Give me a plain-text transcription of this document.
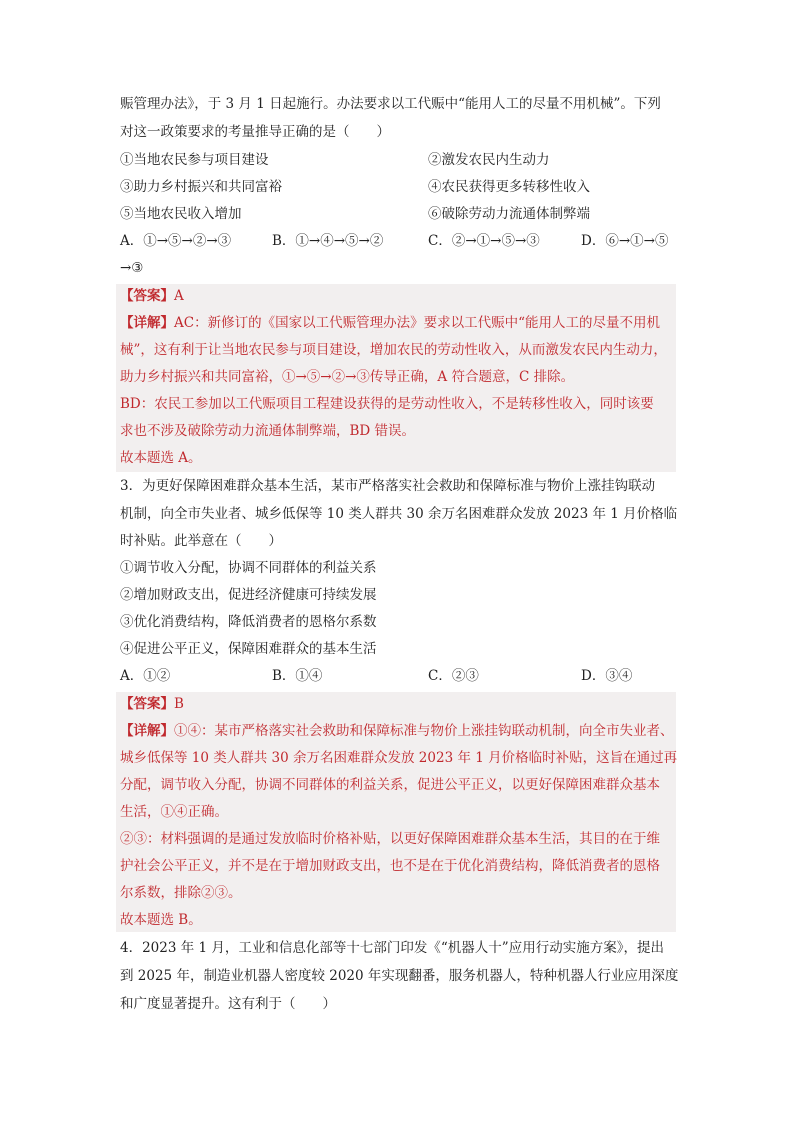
赈管理办法》，于 3 月 1 日起施行。办法要求以工代赈中“能用人工的尽量不用机械”。下列
对这一政策要求的考量推导正确的是（　　）
①当地农民参与项目建设	②激发农民内生动力
③助力乡村振兴和共同富裕	④农民获得更多转移性收入
⑤当地农民收入增加	⑥破除劳动力流通体制弊端
A．①→⑤→②→③	B．①→④→⑤→②	C．②→①→⑤→③	D．⑥→①→⑤
→③
【答案】A
【详解】AC：新修订的《国家以工代赈管理办法》要求以工代赈中“能用人工的尽量不用机
械”，这有利于让当地农民参与项目建设，增加农民的劳动性收入，从而激发农民内生动力，
助力乡村振兴和共同富裕，①→⑤→②→③传导正确，A 符合题意，C 排除。
BD：农民工参加以工代赈项目工程建设获得的是劳动性收入，不是转移性收入，同时该要
求也不涉及破除劳动力流通体制弊端，BD 错误。
故本题选 A。
3．为更好保障困难群众基本生活，某市严格落实社会救助和保障标准与物价上涨挂钩联动
机制，向全市失业者、城乡低保等 10 类人群共 30 余万名困难群众发放 2023 年 1 月价格临
时补贴。此举意在（　　）
①调节收入分配，协调不同群体的利益关系
②增加财政支出，促进经济健康可持续发展
③优化消费结构，降低消费者的恩格尔系数
④促进公平正义，保障困难群众的基本生活
A．①②	B．①④	C．②③	D．③④
【答案】B
【详解】①④：某市严格落实社会救助和保障标准与物价上涨挂钩联动机制，向全市失业者、
城乡低保等 10 类人群共 30 余万名困难群众发放 2023 年 1 月价格临时补贴，这旨在通过再
分配，调节收入分配，协调不同群体的利益关系，促进公平正义，以更好保障困难群众基本
生活，①④正确。
②③：材料强调的是通过发放临时价格补贴，以更好保障困难群众基本生活，其目的在于维
护社会公平正义，并不是在于增加财政支出，也不是在于优化消费结构，降低消费者的恩格
尔系数，排除②③。
故本题选 B。
4．2023 年 1 月，工业和信息化部等十七部门印发《“机器人十”应用行动实施方案》，提出
到 2025 年，制造业机器人密度较 2020 年实现翻番，服务机器人，特种机器人行业应用深度
和广度显著提升。这有利于（　　）
